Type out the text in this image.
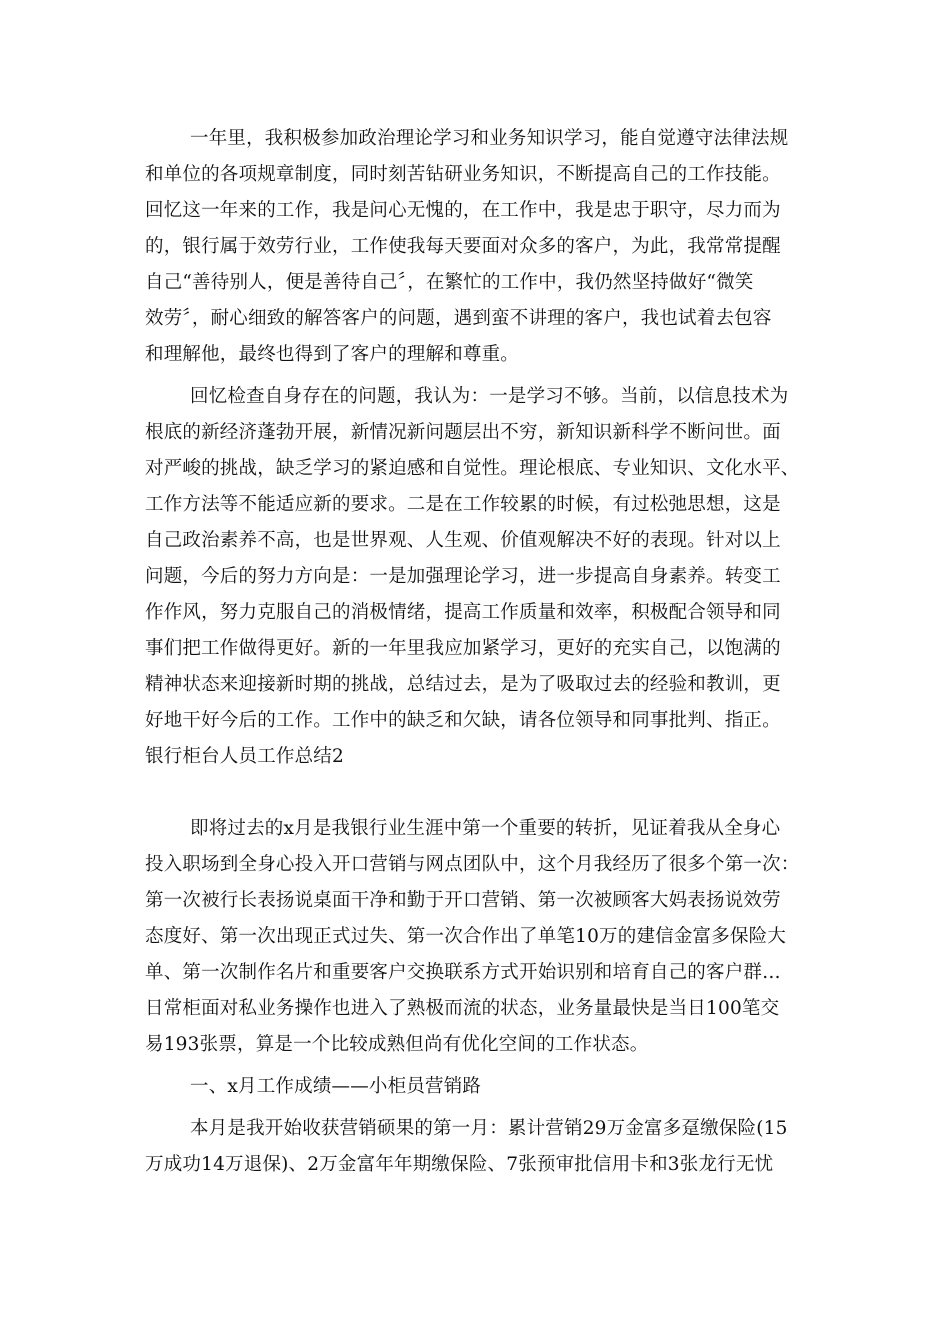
一年里，我积极参加政治理论学习和业务知识学习，能自觉遵守法律法规
和单位的各项规章制度，同时刻苦钻研业务知识，不断提高自己的工作技能。
回忆这一年来的工作，我是问心无愧的，在工作中，我是忠于职守，尽力而为
的，银行属于效劳行业，工作使我每天要面对众多的客户，为此，我常常提醒
自己“善待别人，便是善待自己〞，在繁忙的工作中，我仍然坚持做好“微笑
效劳〞，耐心细致的解答客户的问题，遇到蛮不讲理的客户，我也试着去包容
和理解他，最终也得到了客户的理解和尊重。
回忆检查自身存在的问题，我认为：一是学习不够。当前，以信息技术为
根底的新经济蓬勃开展，新情况新问题层出不穷，新知识新科学不断问世。面
对严峻的挑战，缺乏学习的紧迫感和自觉性。理论根底、专业知识、文化水平、
工作方法等不能适应新的要求。二是在工作较累的时候，有过松弛思想，这是
自己政治素养不高，也是世界观、人生观、价值观解决不好的表现。针对以上
问题，今后的努力方向是：一是加强理论学习，进一步提高自身素养。转变工
作作风，努力克服自己的消极情绪，提高工作质量和效率，积极配合领导和同
事们把工作做得更好。新的一年里我应加紧学习，更好的充实自己，以饱满的
精神状态来迎接新时期的挑战，总结过去，是为了吸取过去的经验和教训，更
好地干好今后的工作。工作中的缺乏和欠缺，请各位领导和同事批判、指正。
银行柜台人员工作总结2
即将过去的x月是我银行业生涯中第一个重要的转折，见证着我从全身心
投入职场到全身心投入开口营销与网点团队中，这个月我经历了很多个第一次：
第一次被行长表扬说桌面干净和勤于开口营销、第一次被顾客大妈表扬说效劳
态度好、第一次出现正式过失、第一次合作出了单笔10万的建信金富多保险大
单、第一次制作名片和重要客户交换联系方式开始识别和培育自己的客户群…
日常柜面对私业务操作也进入了熟极而流的状态，业务量最快是当日100笔交
易193张票，算是一个比较成熟但尚有优化空间的工作状态。
一、x月工作成绩——小柜员营销路
本月是我开始收获营销硕果的第一月：累计营销29万金富多趸缴保险(15
万成功14万退保)、2万金富年年期缴保险、7张预审批信用卡和3张龙行无忧
